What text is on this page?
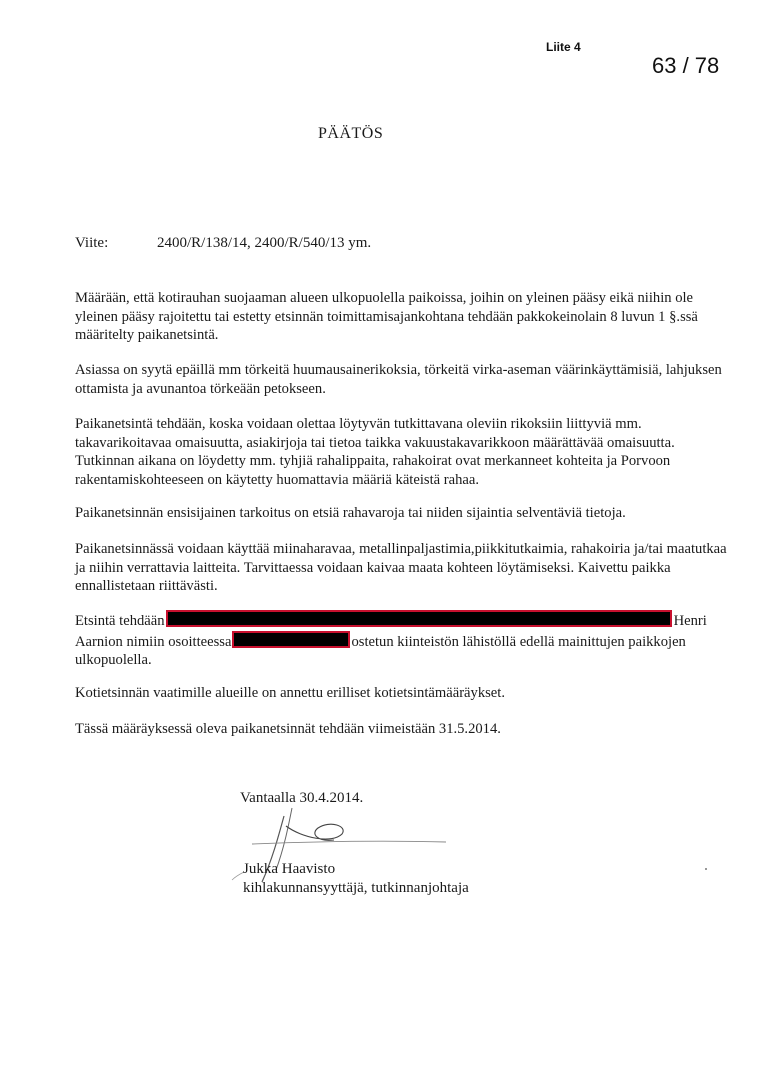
Liite 4
63 / 78
PÄÄTÖS
Viite:	2400/R/138/14, 2400/R/540/13 ym.
Määrään, että kotirauhan suojaaman alueen ulkopuolella paikoissa, joihin on yleinen pääsy eikä niihin ole yleinen pääsy rajoitettu tai estetty etsinnän toimittamisajankohtana tehdään pakkokeinolain 8 luvun 1 §.ssä määritelty paikanetsintä.
Asiassa on syytä epäillä mm törkeitä huumausainerikoksia, törkeitä virka-aseman väärinkäyttämisiä, lahjuksen ottamista ja avunantoa törkeään petokseen.
Paikanetsintä tehdään, koska voidaan olettaa löytyvän tutkittavana oleviin rikoksiin liittyviä mm. takavarikoitavaa omaisuutta, asiakirjoja tai tietoa taikka vakuustakavarikkoon määrättävää omaisuutta. Tutkinnan aikana on löydetty mm. tyhjiä rahalippaita, rahakoirat ovat merkanneet kohteita ja Porvoon rakentamiskohteeseen on käytetty huomattavia määriä käteistä rahaa.
Paikanetsinnän ensisijainen tarkoitus on etsiä rahavaroja tai niiden sijaintia selventäviä tietoja.
Paikanetsinnässä voidaan käyttää miinaharavaa, metallinpaljastimia,piikkitutkaimia, rahakoiria ja/tai maatutkaa ja niihin verrattavia laitteita. Tarvittaessa voidaan kaivaa maata kohteen löytämiseksi. Kaivettu paikka ennallistetaan riittävästi.
Etsintä tehdään	Henri Aarnion nimiin osoitteessa	ostetun kiinteistön lähistöllä edellä mainittujen paikkojen ulkopuolella.
Kotietsinnän vaatimille alueille on annettu erilliset kotietsintämääräykset.
Tässä määräyksessä oleva paikanetsinnät tehdään viimeistään 31.5.2014.
Vantaalla 30.4.2014.
Jukka Haavisto
kihlakunnansyyttäjä, tutkinnanjohtaja
